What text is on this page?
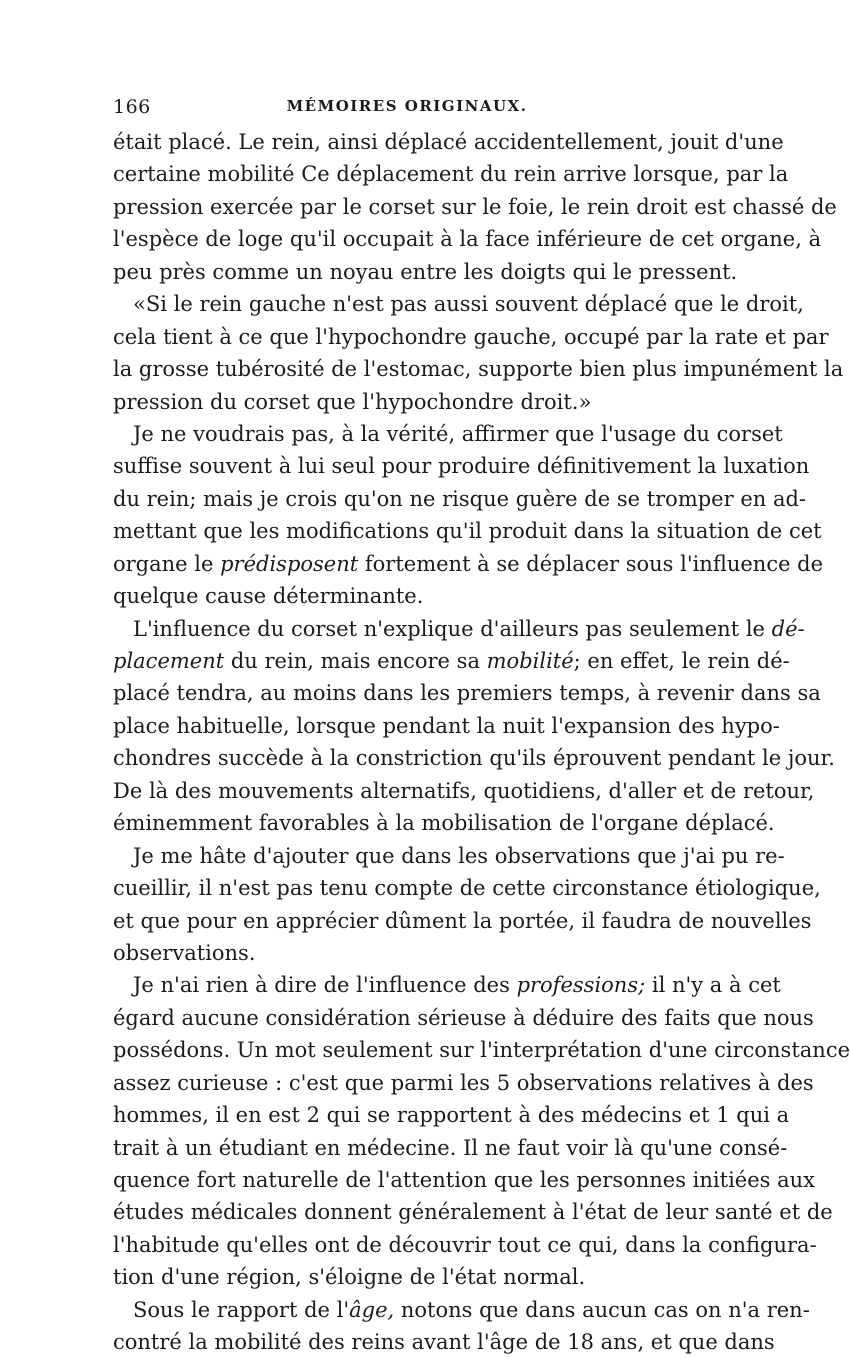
166	MÉMOIRES ORIGINAUX.
était placé. Le rein, ainsi déplacé accidentellement, jouit d'une
certaine mobilité Ce déplacement du rein arrive lorsque, par la
pression exercée par le corset sur le foie, le rein droit est chassé de
l'espèce de loge qu'il occupait à la face inférieure de cet organe, à
peu près comme un noyau entre les doigts qui le pressent.
«Si le rein gauche n'est pas aussi souvent déplacé que le droit,
cela tient à ce que l'hypochondre gauche, occupé par la rate et par
la grosse tubérosité de l'estomac, supporte bien plus impunément la
pression du corset que l'hypochondre droit.»
Je ne voudrais pas, à la vérité, affirmer que l'usage du corset
suffise souvent à lui seul pour produire définitivement la luxation
du rein; mais je crois qu'on ne risque guère de se tromper en ad-
mettant que les modifications qu'il produit dans la situation de cet
organe le prédisposent fortement à se déplacer sous l'influence de
quelque cause déterminante.
L'influence du corset n'explique d'ailleurs pas seulement le dé-
placement du rein, mais encore sa mobilité; en effet, le rein dé-
placé tendra, au moins dans les premiers temps, à revenir dans sa
place habituelle, lorsque pendant la nuit l'expansion des hypo-
chondres succède à la constriction qu'ils éprouvent pendant le jour.
De là des mouvements alternatifs, quotidiens, d'aller et de retour,
éminemment favorables à la mobilisation de l'organe déplacé.
Je me hâte d'ajouter que dans les observations que j'ai pu re-
cueillir, il n'est pas tenu compte de cette circonstance étiologique,
et que pour en apprécier dûment la portée, il faudra de nouvelles
observations.
Je n'ai rien à dire de l'influence des professions; il n'y a à cet
égard aucune considération sérieuse à déduire des faits que nous
possédons. Un mot seulement sur l'interprétation d'une circonstance
assez curieuse : c'est que parmi les 5 observations relatives à des
hommes, il en est 2 qui se rapportent à des médecins et 1 qui a
trait à un étudiant en médecine. Il ne faut voir là qu'une consé-
quence fort naturelle de l'attention que les personnes initiées aux
études médicales donnent généralement à l'état de leur santé et de
l'habitude qu'elles ont de découvrir tout ce qui, dans la configura-
tion d'une région, s'éloigne de l'état normal.
Sous le rapport de l'âge, notons que dans aucun cas on n'a ren-
contré la mobilité des reins avant l'âge de 18 ans, et que dans
